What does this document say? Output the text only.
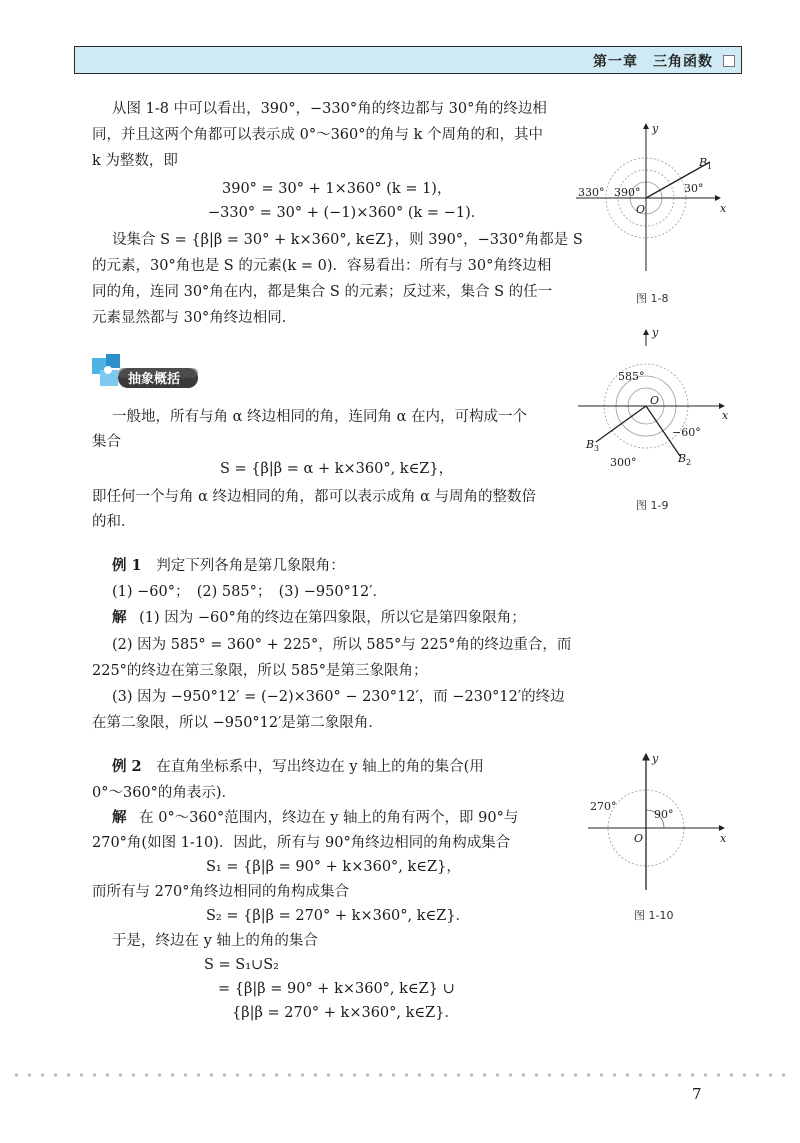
第一章　三角函数
从图 1-8 中可以看出，390°，−330°角的终边都与 30°角的终边相
同，并且这两个角都可以表示成 0°～360°的角与 k 个周角的和，其中
k 为整数，即
390° = 30° + 1×360° (k = 1)，
−330° = 30° + (−1)×360° (k = −1)．
设集合 S = {β|β = 30° + k×360°, k∈Z}，则 390°，−330°角都是 S
的元素，30°角也是 S 的元素(k = 0)．容易看出：所有与 30°角终边相
同的角，连同 30°角在内，都是集合 S 的元素；反过来，集合 S 的任一
元素显然都与 30°角终边相同．
抽象概括
一般地，所有与角 α 终边相同的角，连同角 α 在内，可构成一个
集合
S = {β|β = α + k×360°, k∈Z}，
即任何一个与角 α 终边相同的角，都可以表示成角 α 与周角的整数倍
的和．
例 1 判定下列各角是第几象限角：
(1) −60°；　(2) 585°；　(3) −950°12′．
解 (1) 因为 −60°角的终边在第四象限，所以它是第四象限角；
(2) 因为 585° = 360° + 225°，所以 585°与 225°角的终边重合，而
225°的终边在第三象限，所以 585°是第三象限角；
(3) 因为 −950°12′ = (−2)×360° − 230°12′，而 −230°12′的终边
在第二象限，所以 −950°12′是第二象限角．
例 2 在直角坐标系中，写出终边在 y 轴上的角的集合(用
0°～360°的角表示)．
解 在 0°～360°范围内，终边在 y 轴上的角有两个，即 90°与
270°角(如图 1-10)．因此，所有与 90°角终边相同的角构成集合
S₁ = {β|β = 90° + k×360°, k∈Z}，
而所有与 270°角终边相同的角构成集合
S₂ = {β|β = 270° + k×360°, k∈Z}．
于是，终边在 y 轴上的角的集合
S = S₁∪S₂
= {β|β = 90° + k×360°, k∈Z} ∪
{β|β = 270° + k×360°, k∈Z}．
y
x
O
B 1
330° 390°	30°
图 1-8
y
x
O
585°
−60°
300°
B 3
B 2
图 1-9
y
x
O
270°
90°
图 1-10
7
